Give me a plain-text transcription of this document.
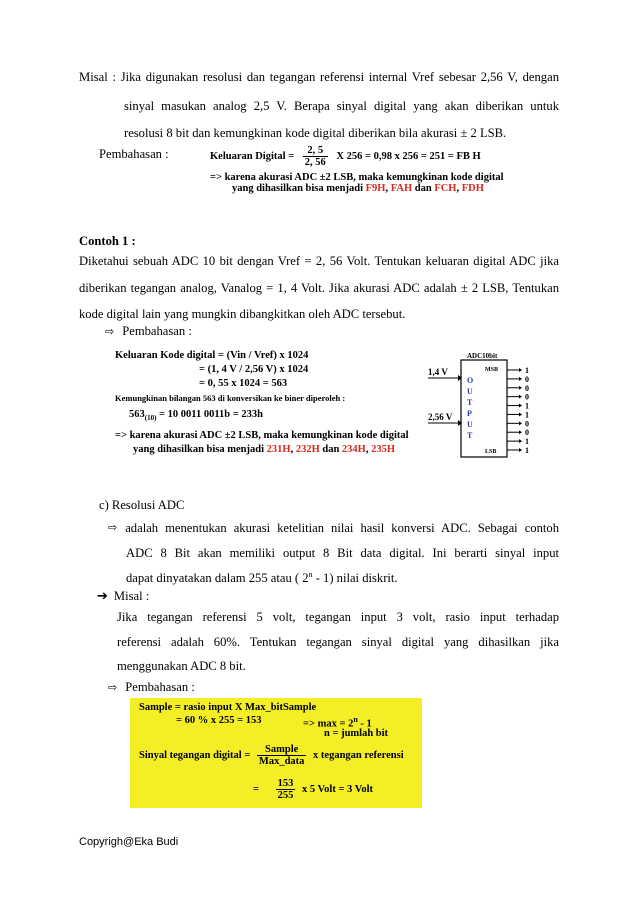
Misal : Jika digunakan resolusi dan tegangan referensi internal Vref sebesar 2,56 V, dengan
sinyal masukan analog 2,5 V. Berapa sinyal digital yang akan diberikan untuk
resolusi 8 bit dan kemungkinan kode digital diberikan bila akurasi ± 2 LSB.
Pembahasan :	Keluaran Digital = $\frac{2, 5}{2, 56}$ X 256 = 0,98 x 256 = 251 = FB H
=> karena akurasi ADC ±2 LSB, maka kemungkinan kode digital
yang dihasilkan bisa menjadi F9H, FAH dan FCH, FDH
Contoh 1 :
Diketahui sebuah ADC 10 bit dengan Vref = 2, 56 Volt. Tentukan keluaran digital ADC jika
diberikan tegangan analog, Vanalog = 1, 4 Volt. Jika akurasi ADC adalah ± 2 LSB, Tentukan
kode digital lain yang mungkin dibangkitkan oleh ADC tersebut.
⇨ Pembahasan :
Keluaran Kode digital = (Vin / Vref) x 1024
= (1, 4 V / 2,56 V) x 1024
= 0, 55 x 1024 = 563
Kemungkinan bilangan 563 di konversikan ke biner diperoleh :
$563_{(10)} = 10$ 0011 0011b = 233h
=> karena akurasi ADC ±2 LSB, maka kemungkinan kode digital
yang dihasilkan bisa menjadi 231H, 232H dan 234H, 235H
ADC10bit
1,4 V
2,56 V
MSB
LSB
O
U
T
P
U
T
1
0
0
0
1
1
0
0
1
1
c) Resolusi ADC
⇨ adalah menentukan akurasi ketelitian nilai hasil konversi ADC. Sebagai contoh
ADC 8 Bit akan memiliki output 8 Bit data digital. Ini berarti sinyal input
dapat dinyatakan dalam 255 atau ( 2$^n$ - 1) nilai diskrit.
➔ Misal :
Jika tegangan referensi 5 volt, tegangan input 3 volt, rasio input terhadap
referensi adalah 60%. Tentukan tegangan sinyal digital yang dihasilkan jika
menggunakan ADC 8 bit.
⇨ Pembahasan :
Sample = rasio input X Max_bitSample
= 60 % x 255 = 153	=> $\max = 2^n - 1$
n = jumlah bit
Sinyal tegangan digital = $\frac{\text{Sample}}{\text{Max\_data}}$ x tegangan referensi
= $\frac{153}{255}$ x 5 Volt = 3 Volt
Copyrigh@Eka Budi
